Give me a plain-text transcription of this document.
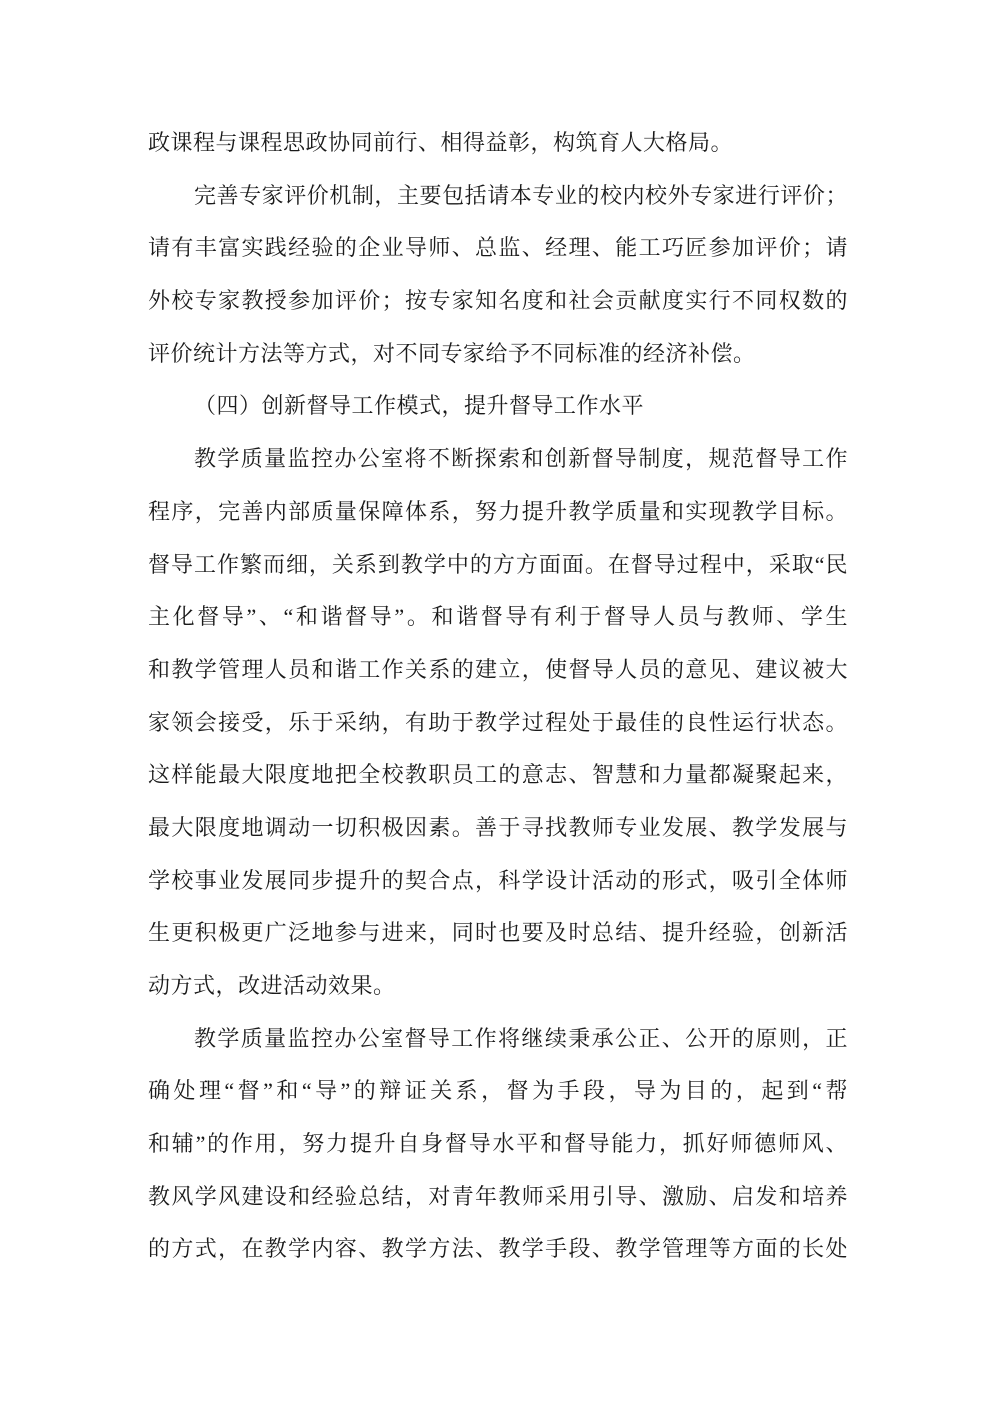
政课程与课程思政协同前行、相得益彰，构筑育人大格局。
完善专家评价机制，主要包括请本专业的校内校外专家进行评价；
请有丰富实践经验的企业导师、总监、经理、能工巧匠参加评价；请
外校专家教授参加评价；按专家知名度和社会贡献度实行不同权数的
评价统计方法等方式，对不同专家给予不同标准的经济补偿。
（四）创新督导工作模式，提升督导工作水平
教学质量监控办公室将不断探索和创新督导制度，规范督导工作
程序，完善内部质量保障体系，努力提升教学质量和实现教学目标。
督导工作繁而细，关系到教学中的方方面面。在督导过程中，采取“民
主化督导”、“和谐督导”。和谐督导有利于督导人员与教师、学生
和教学管理人员和谐工作关系的建立，使督导人员的意见、建议被大
家领会接受，乐于采纳，有助于教学过程处于最佳的良性运行状态。
这样能最大限度地把全校教职员工的意志、智慧和力量都凝聚起来，
最大限度地调动一切积极因素。善于寻找教师专业发展、教学发展与
学校事业发展同步提升的契合点，科学设计活动的形式，吸引全体师
生更积极更广泛地参与进来，同时也要及时总结、提升经验，创新活
动方式，改进活动效果。
教学质量监控办公室督导工作将继续秉承公正、公开的原则，正
确处理“督”和“导”的辩证关系，督为手段，导为目的，起到“帮
和辅”的作用，努力提升自身督导水平和督导能力，抓好师德师风、
教风学风建设和经验总结，对青年教师采用引导、激励、启发和培养
的方式，在教学内容、教学方法、教学手段、教学管理等方面的长处
